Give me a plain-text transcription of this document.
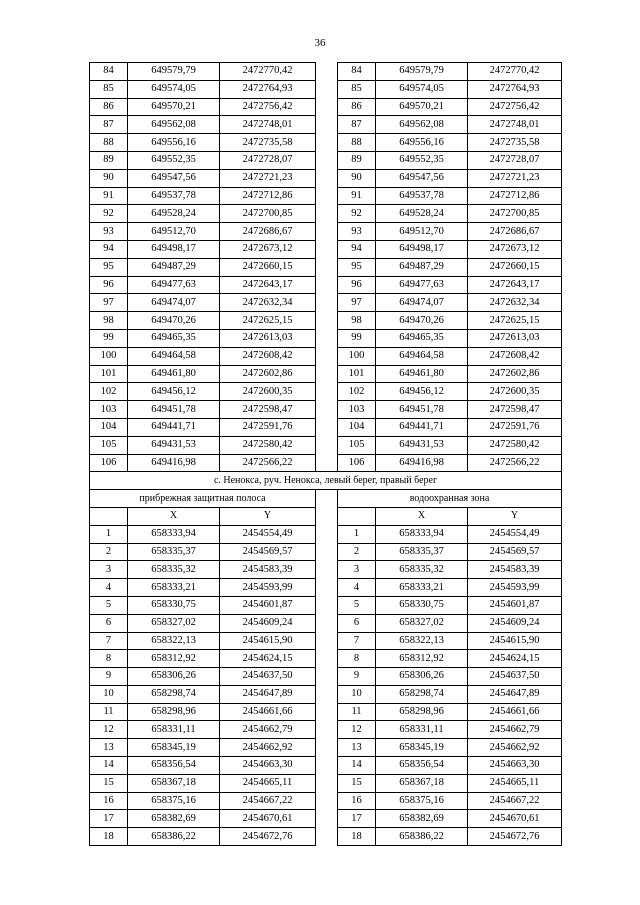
36
84	649579,79	2472770,42		84	649579,79	2472770,42
85	649574,05	2472764,93		85	649574,05	2472764,93
86	649570,21	2472756,42		86	649570,21	2472756,42
87	649562,08	2472748,01		87	649562,08	2472748,01
88	649556,16	2472735,58		88	649556,16	2472735,58
89	649552,35	2472728,07		89	649552,35	2472728,07
90	649547,56	2472721,23		90	649547,56	2472721,23
91	649537,78	2472712,86		91	649537,78	2472712,86
92	649528,24	2472700,85		92	649528,24	2472700,85
93	649512,70	2472686,67		93	649512,70	2472686,67
94	649498,17	2472673,12		94	649498,17	2472673,12
95	649487,29	2472660,15		95	649487,29	2472660,15
96	649477,63	2472643,17		96	649477,63	2472643,17
97	649474,07	2472632,34		97	649474,07	2472632,34
98	649470,26	2472625,15		98	649470,26	2472625,15
99	649465,35	2472613,03		99	649465,35	2472613,03
100	649464,58	2472608,42		100	649464,58	2472608,42
101	649461,80	2472602,86		101	649461,80	2472602,86
102	649456,12	2472600,35		102	649456,12	2472600,35
103	649451,78	2472598,47		103	649451,78	2472598,47
104	649441,71	2472591,76		104	649441,71	2472591,76
105	649431,53	2472580,42		105	649431,53	2472580,42
106	649416,98	2472566,22		106	649416,98	2472566,22
с. Ненокса, руч. Ненокса, левый берег, правый берег						
прибрежная защитная полоса				водоохранная зона		
	X	Y			X	Y
1	658333,94	2454554,49		1	658333,94	2454554,49
2	658335,37	2454569,57		2	658335,37	2454569,57
3	658335,32	2454583,39		3	658335,32	2454583,39
4	658333,21	2454593,99		4	658333,21	2454593,99
5	658330,75	2454601,87		5	658330,75	2454601,87
6	658327,02	2454609,24		6	658327,02	2454609,24
7	658322,13	2454615,90		7	658322,13	2454615,90
8	658312,92	2454624,15		8	658312,92	2454624,15
9	658306,26	2454637,50		9	658306,26	2454637,50
10	658298,74	2454647,89		10	658298,74	2454647,89
11	658298,96	2454661,66		11	658298,96	2454661,66
12	658331,11	2454662,79		12	658331,11	2454662,79
13	658345,19	2454662,92		13	658345,19	2454662,92
14	658356,54	2454663,30		14	658356,54	2454663,30
15	658367,18	2454665,11		15	658367,18	2454665,11
16	658375,16	2454667,22		16	658375,16	2454667,22
17	658382,69	2454670,61		17	658382,69	2454670,61
18	658386,22	2454672,76		18	658386,22	2454672,76
